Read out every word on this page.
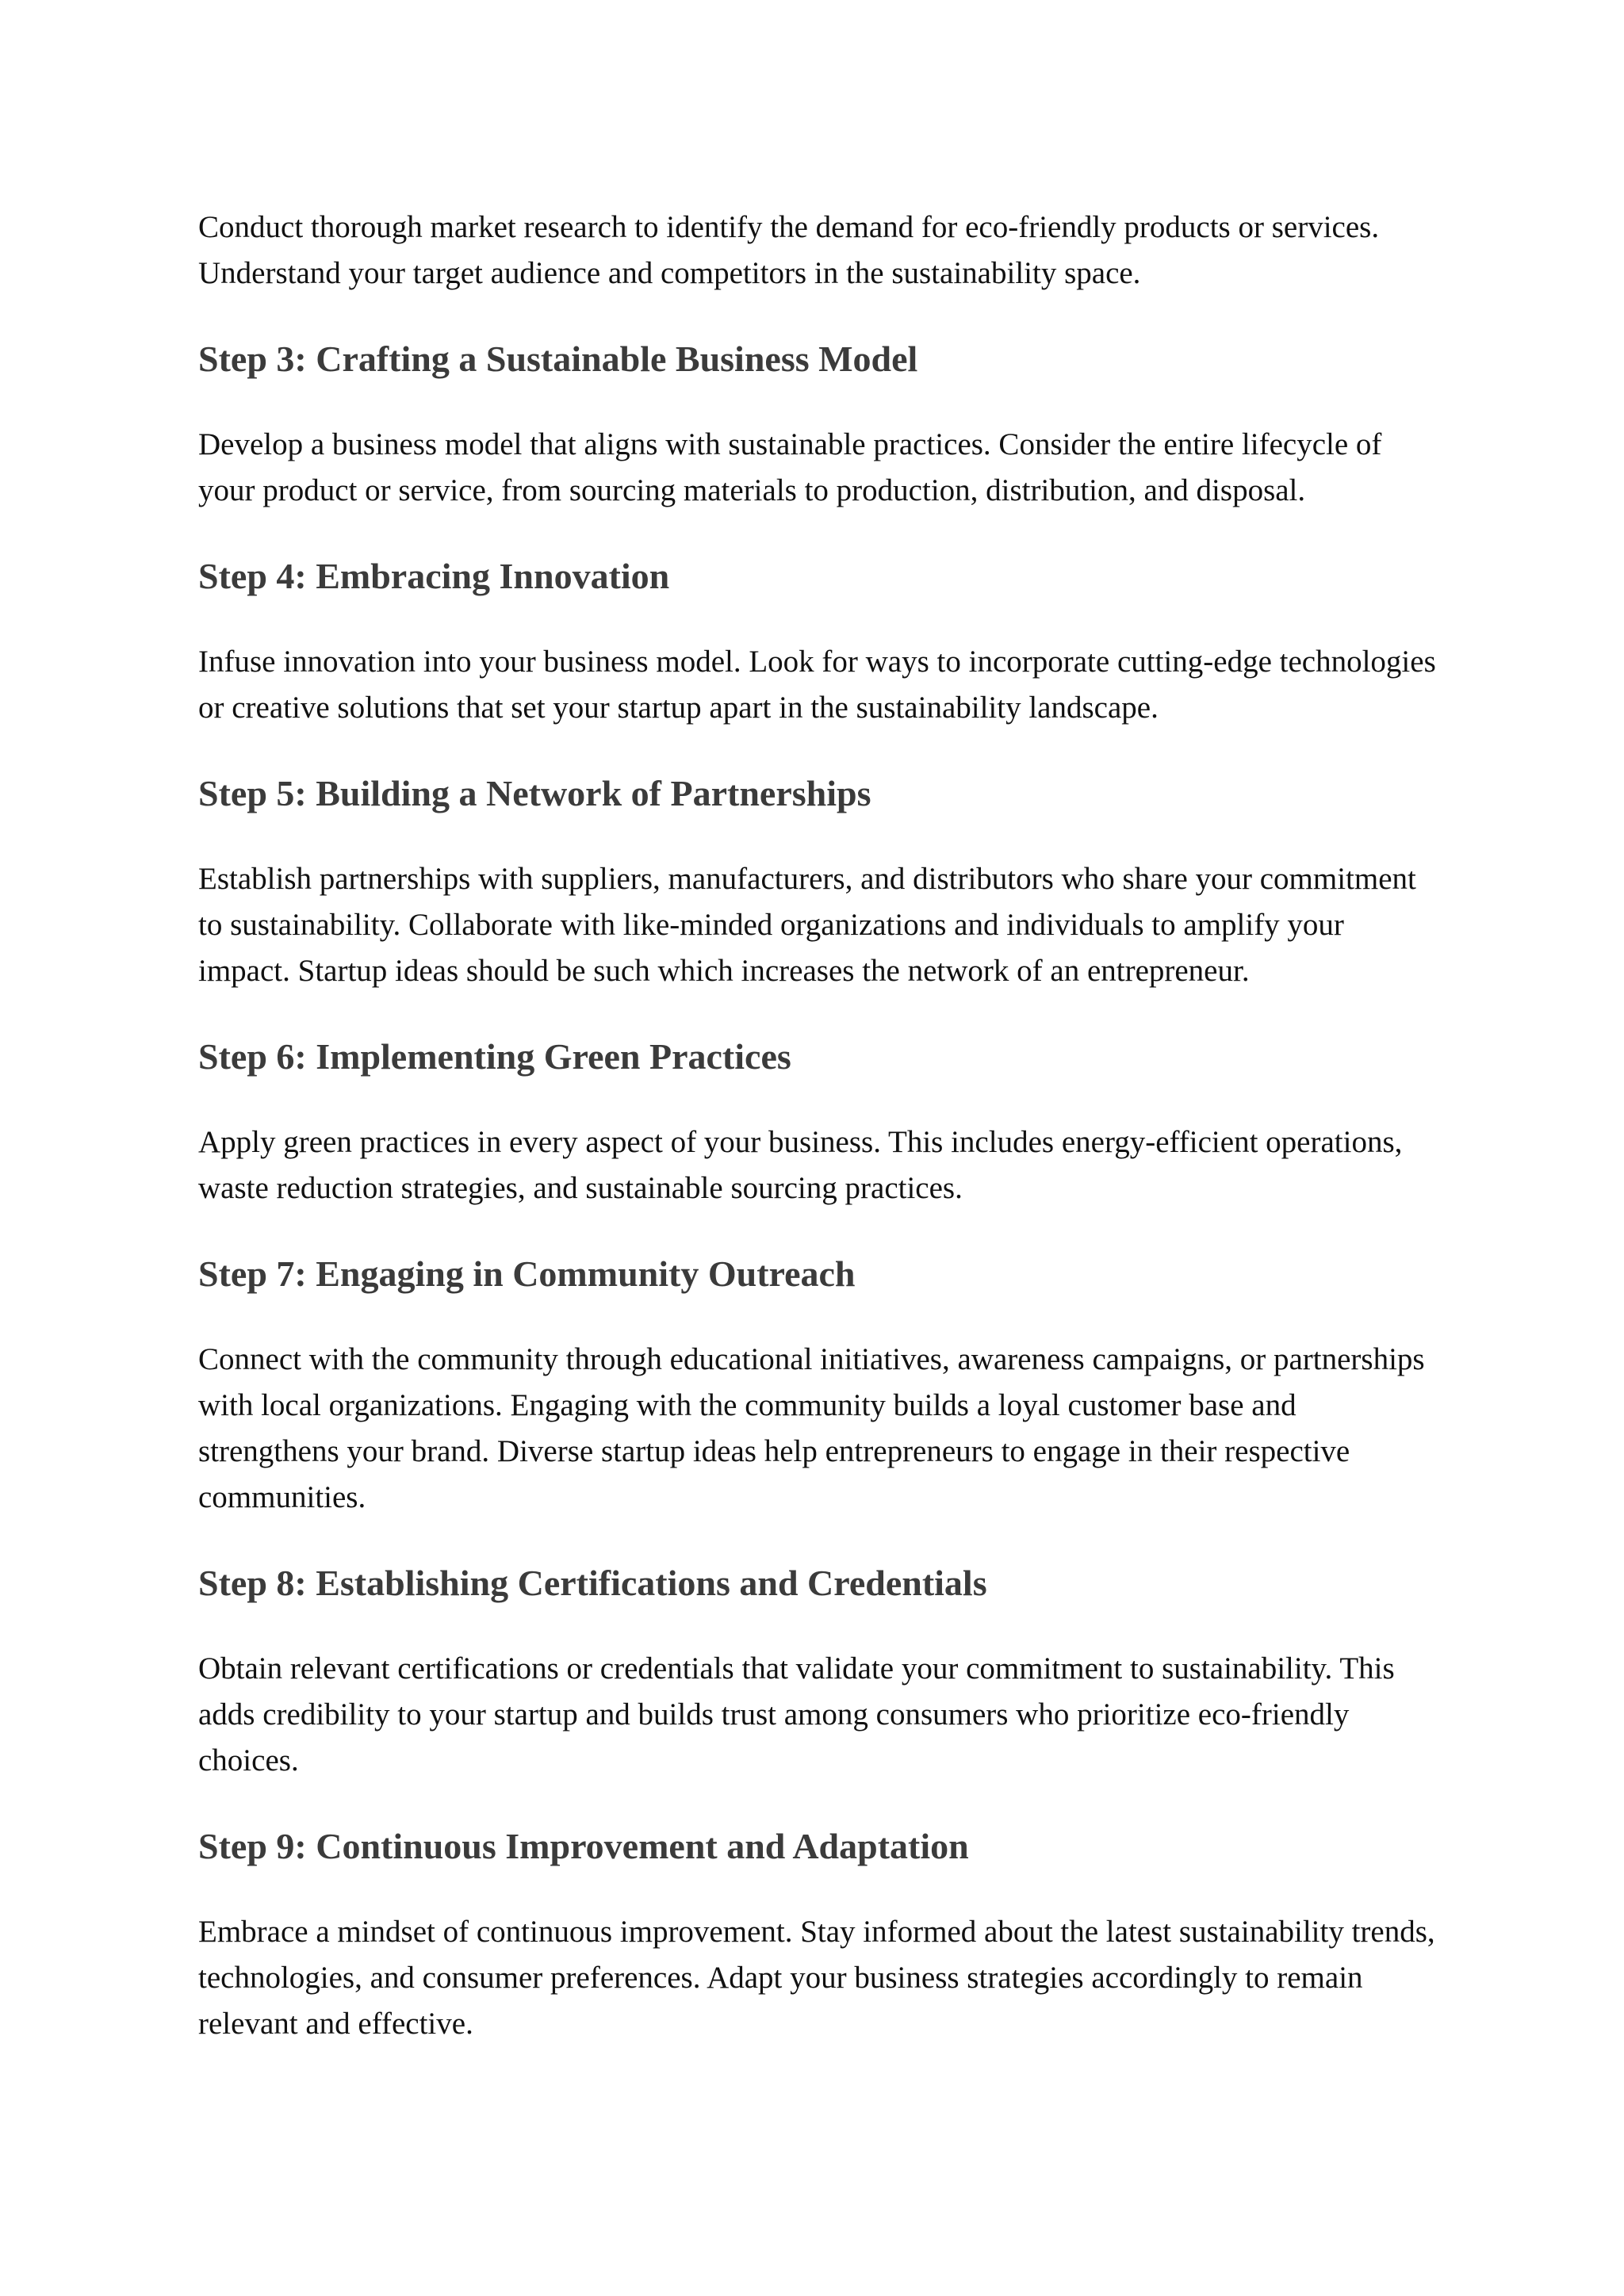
Conduct thorough market research to identify the demand for eco-friendly products or services. Understand your target audience and competitors in the sustainability space.

Step 3: Crafting a Sustainable Business Model

Develop a business model that aligns with sustainable practices. Consider the entire lifecycle of your product or service, from sourcing materials to production, distribution, and disposal.

Step 4: Embracing Innovation

Infuse innovation into your business model. Look for ways to incorporate cutting-edge technologies or creative solutions that set your startup apart in the sustainability landscape.

Step 5: Building a Network of Partnerships

Establish partnerships with suppliers, manufacturers, and distributors who share your commitment to sustainability. Collaborate with like-minded organizations and individuals to amplify your impact. Startup ideas should be such which increases the network of an entrepreneur.

Step 6: Implementing Green Practices

Apply green practices in every aspect of your business. This includes energy-efficient operations, waste reduction strategies, and sustainable sourcing practices.

Step 7: Engaging in Community Outreach

Connect with the community through educational initiatives, awareness campaigns, or partnerships with local organizations. Engaging with the community builds a loyal customer base and strengthens your brand. Diverse startup ideas help entrepreneurs to engage in their respective communities.

Step 8: Establishing Certifications and Credentials

Obtain relevant certifications or credentials that validate your commitment to sustainability. This adds credibility to your startup and builds trust among consumers who prioritize eco-friendly choices.

Step 9: Continuous Improvement and Adaptation

Embrace a mindset of continuous improvement. Stay informed about the latest sustainability trends, technologies, and consumer preferences. Adapt your business strategies accordingly to remain relevant and effective.
